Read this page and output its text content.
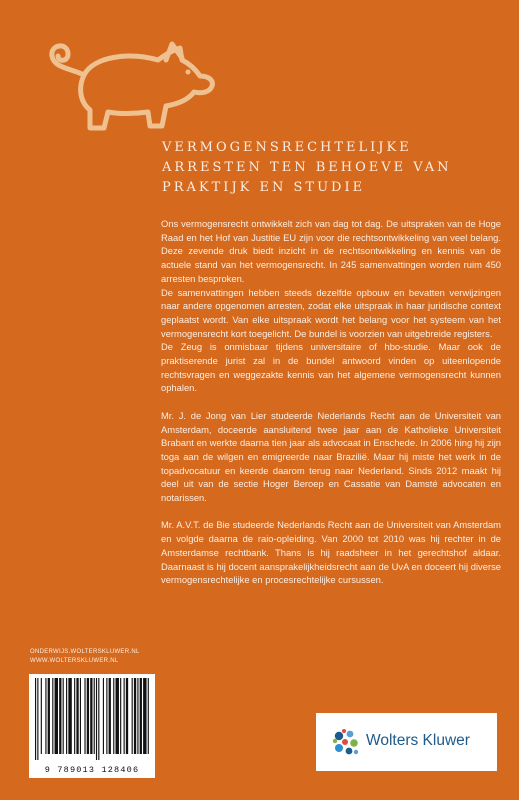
VERMOGENSRECHTELIJKE
ARRESTEN TEN BEHOEVE VAN
PRAKTIJK EN STUDIE

Ons vermogensrecht ontwikkelt zich van dag tot dag. De uitspraken van de Hoge Raad en het Hof van Justitie EU zijn voor die rechtsontwikkeling van veel belang. Deze zevende druk biedt inzicht in de rechtsontwikkeling en kennis van de actuele stand van het vermogensrecht. In 245 samenvattingen worden ruim 450 arresten besproken.

De samenvattingen hebben steeds dezelfde opbouw en bevatten verwijzingen naar andere opgenomen arresten, zodat elke uitspraak in haar juridische context geplaatst wordt. Van elke uitspraak wordt het belang voor het systeem van het vermogensrecht kort toegelicht. De bundel is voorzien van uitgebreide registers.

De Zeug is onmisbaar tijdens universitaire of hbo-studie. Maar ook de praktiserende jurist zal in de bundel antwoord vinden op uiteenlopende rechtsvragen en weggezakte kennis van het algemene vermogensrecht kunnen ophalen.

Mr. J. de Jong van Lier studeerde Nederlands Recht aan de Universiteit van Amsterdam, doceerde aansluitend twee jaar aan de Katholieke Universiteit Brabant en werkte daarna tien jaar als advocaat in Enschede. In 2006 hing hij zijn toga aan de wilgen en emigreerde naar Brazilië. Maar hij miste het werk in de topadvocatuur en keerde daarom terug naar Nederland. Sinds 2012 maakt hij deel uit van de sectie Hoger Beroep en Cassatie van Damsté advocaten en notarissen.

Mr. A.V.T. de Bie studeerde Nederlands Recht aan de Universiteit van Amsterdam en volgde daarna de raio-opleiding. Van 2000 tot 2010 was hij rechter in de Amsterdamse rechtbank. Thans is hij raadsheer in het gerechtshof aldaar. Daarnaast is hij docent aansprakelijkheidsrecht aan de UvA en doceert hij diverse vermogensrechtelijke en procesrechtelijke cursussen.

ONDERWIJS.WOLTERSKLUWER.NL
WWW.WOLTERSKLUWER.NL
9 789013 128406
Wolters Kluwer
